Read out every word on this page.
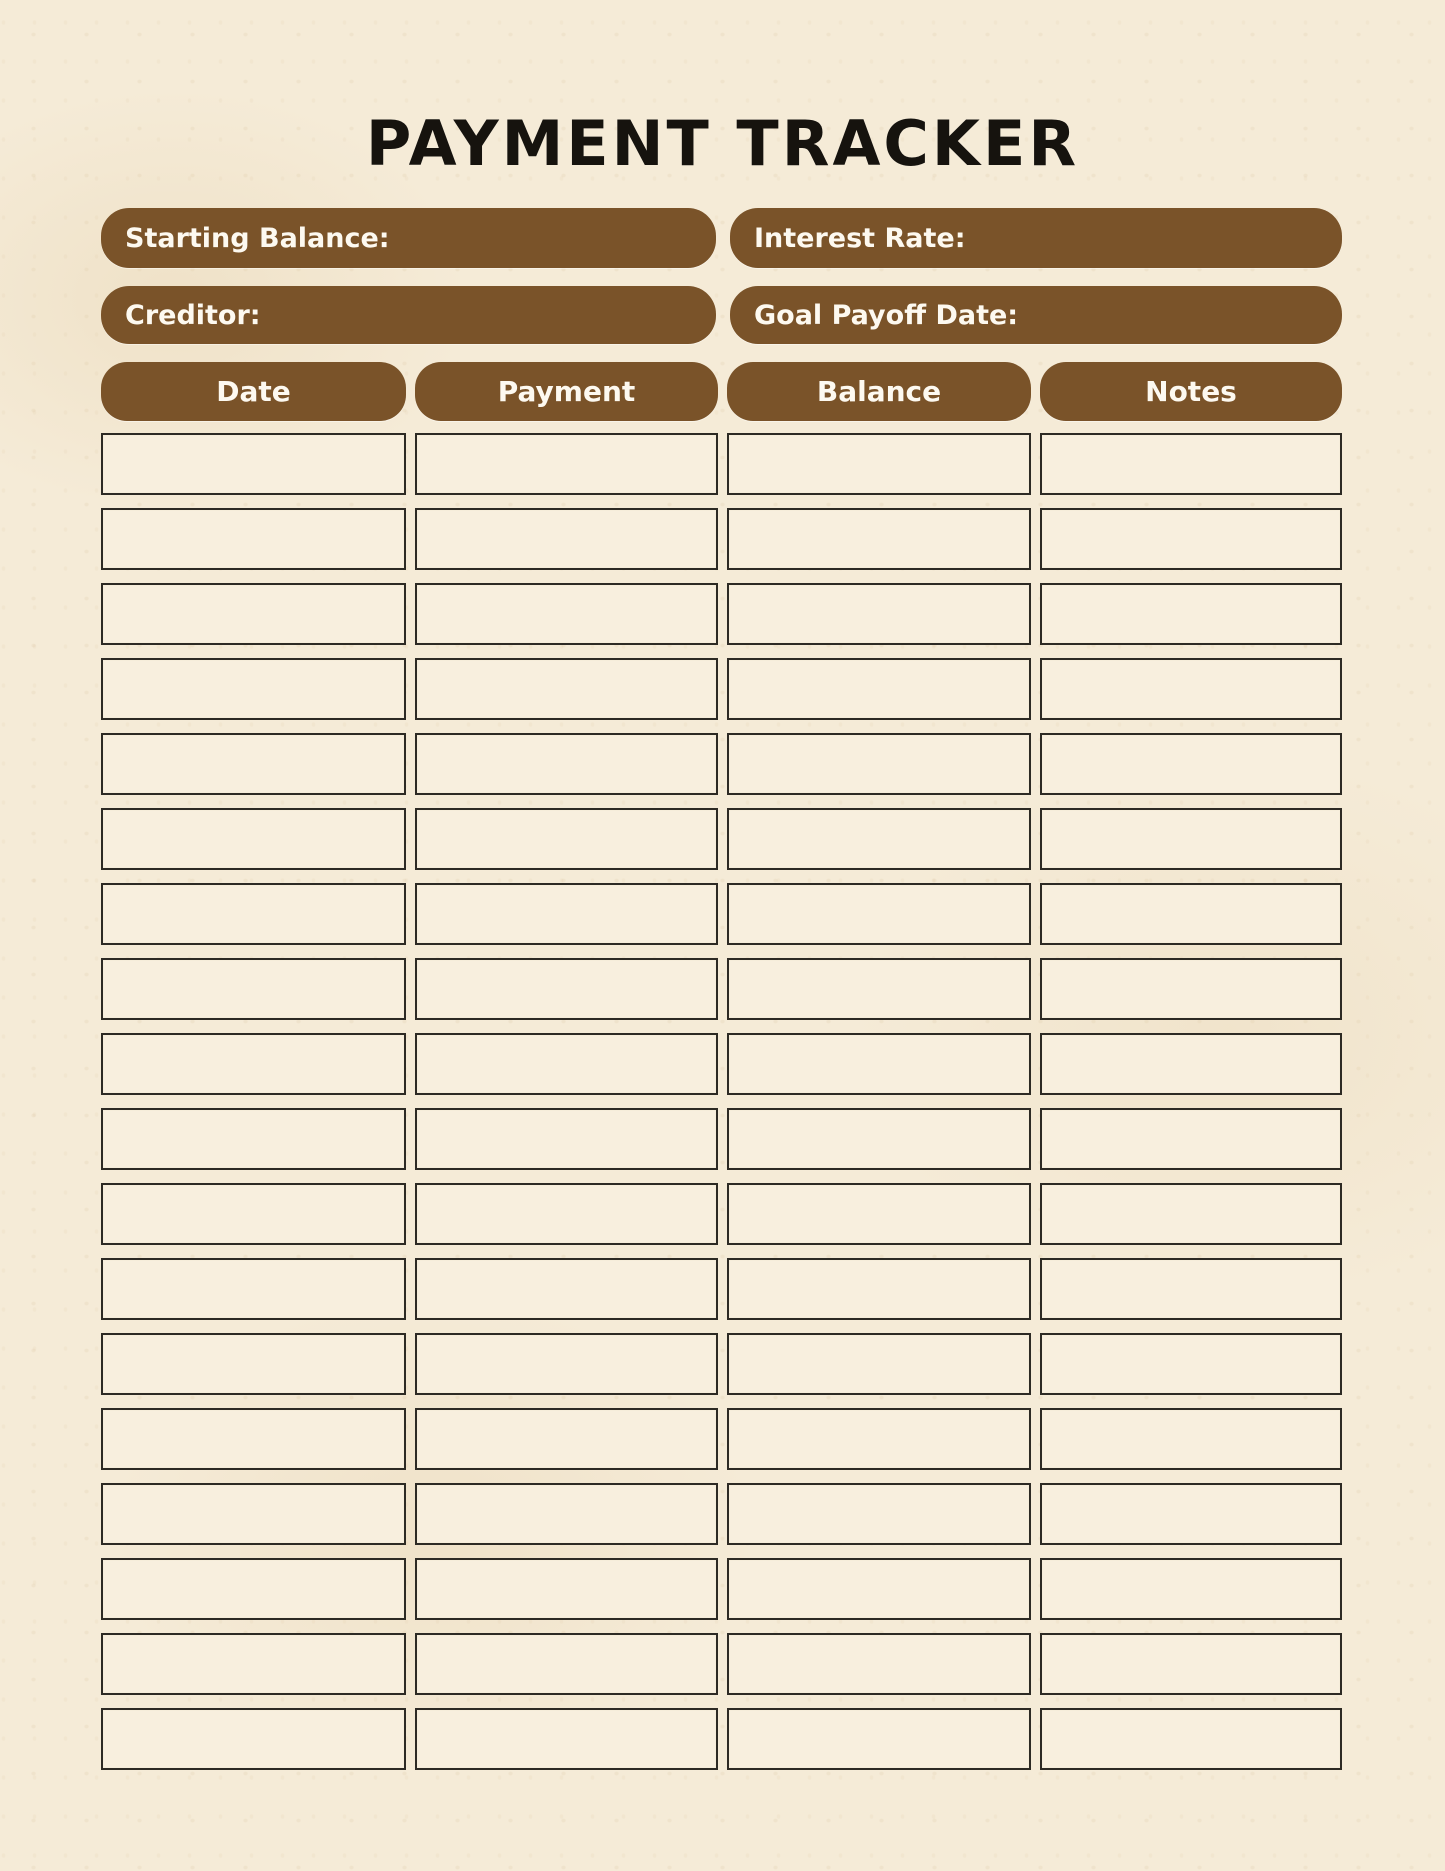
PAYMENT TRACKER
Starting Balance:	Interest Rate:
Creditor:	Goal Payoff Date:
Date	Payment	Balance	Notes
